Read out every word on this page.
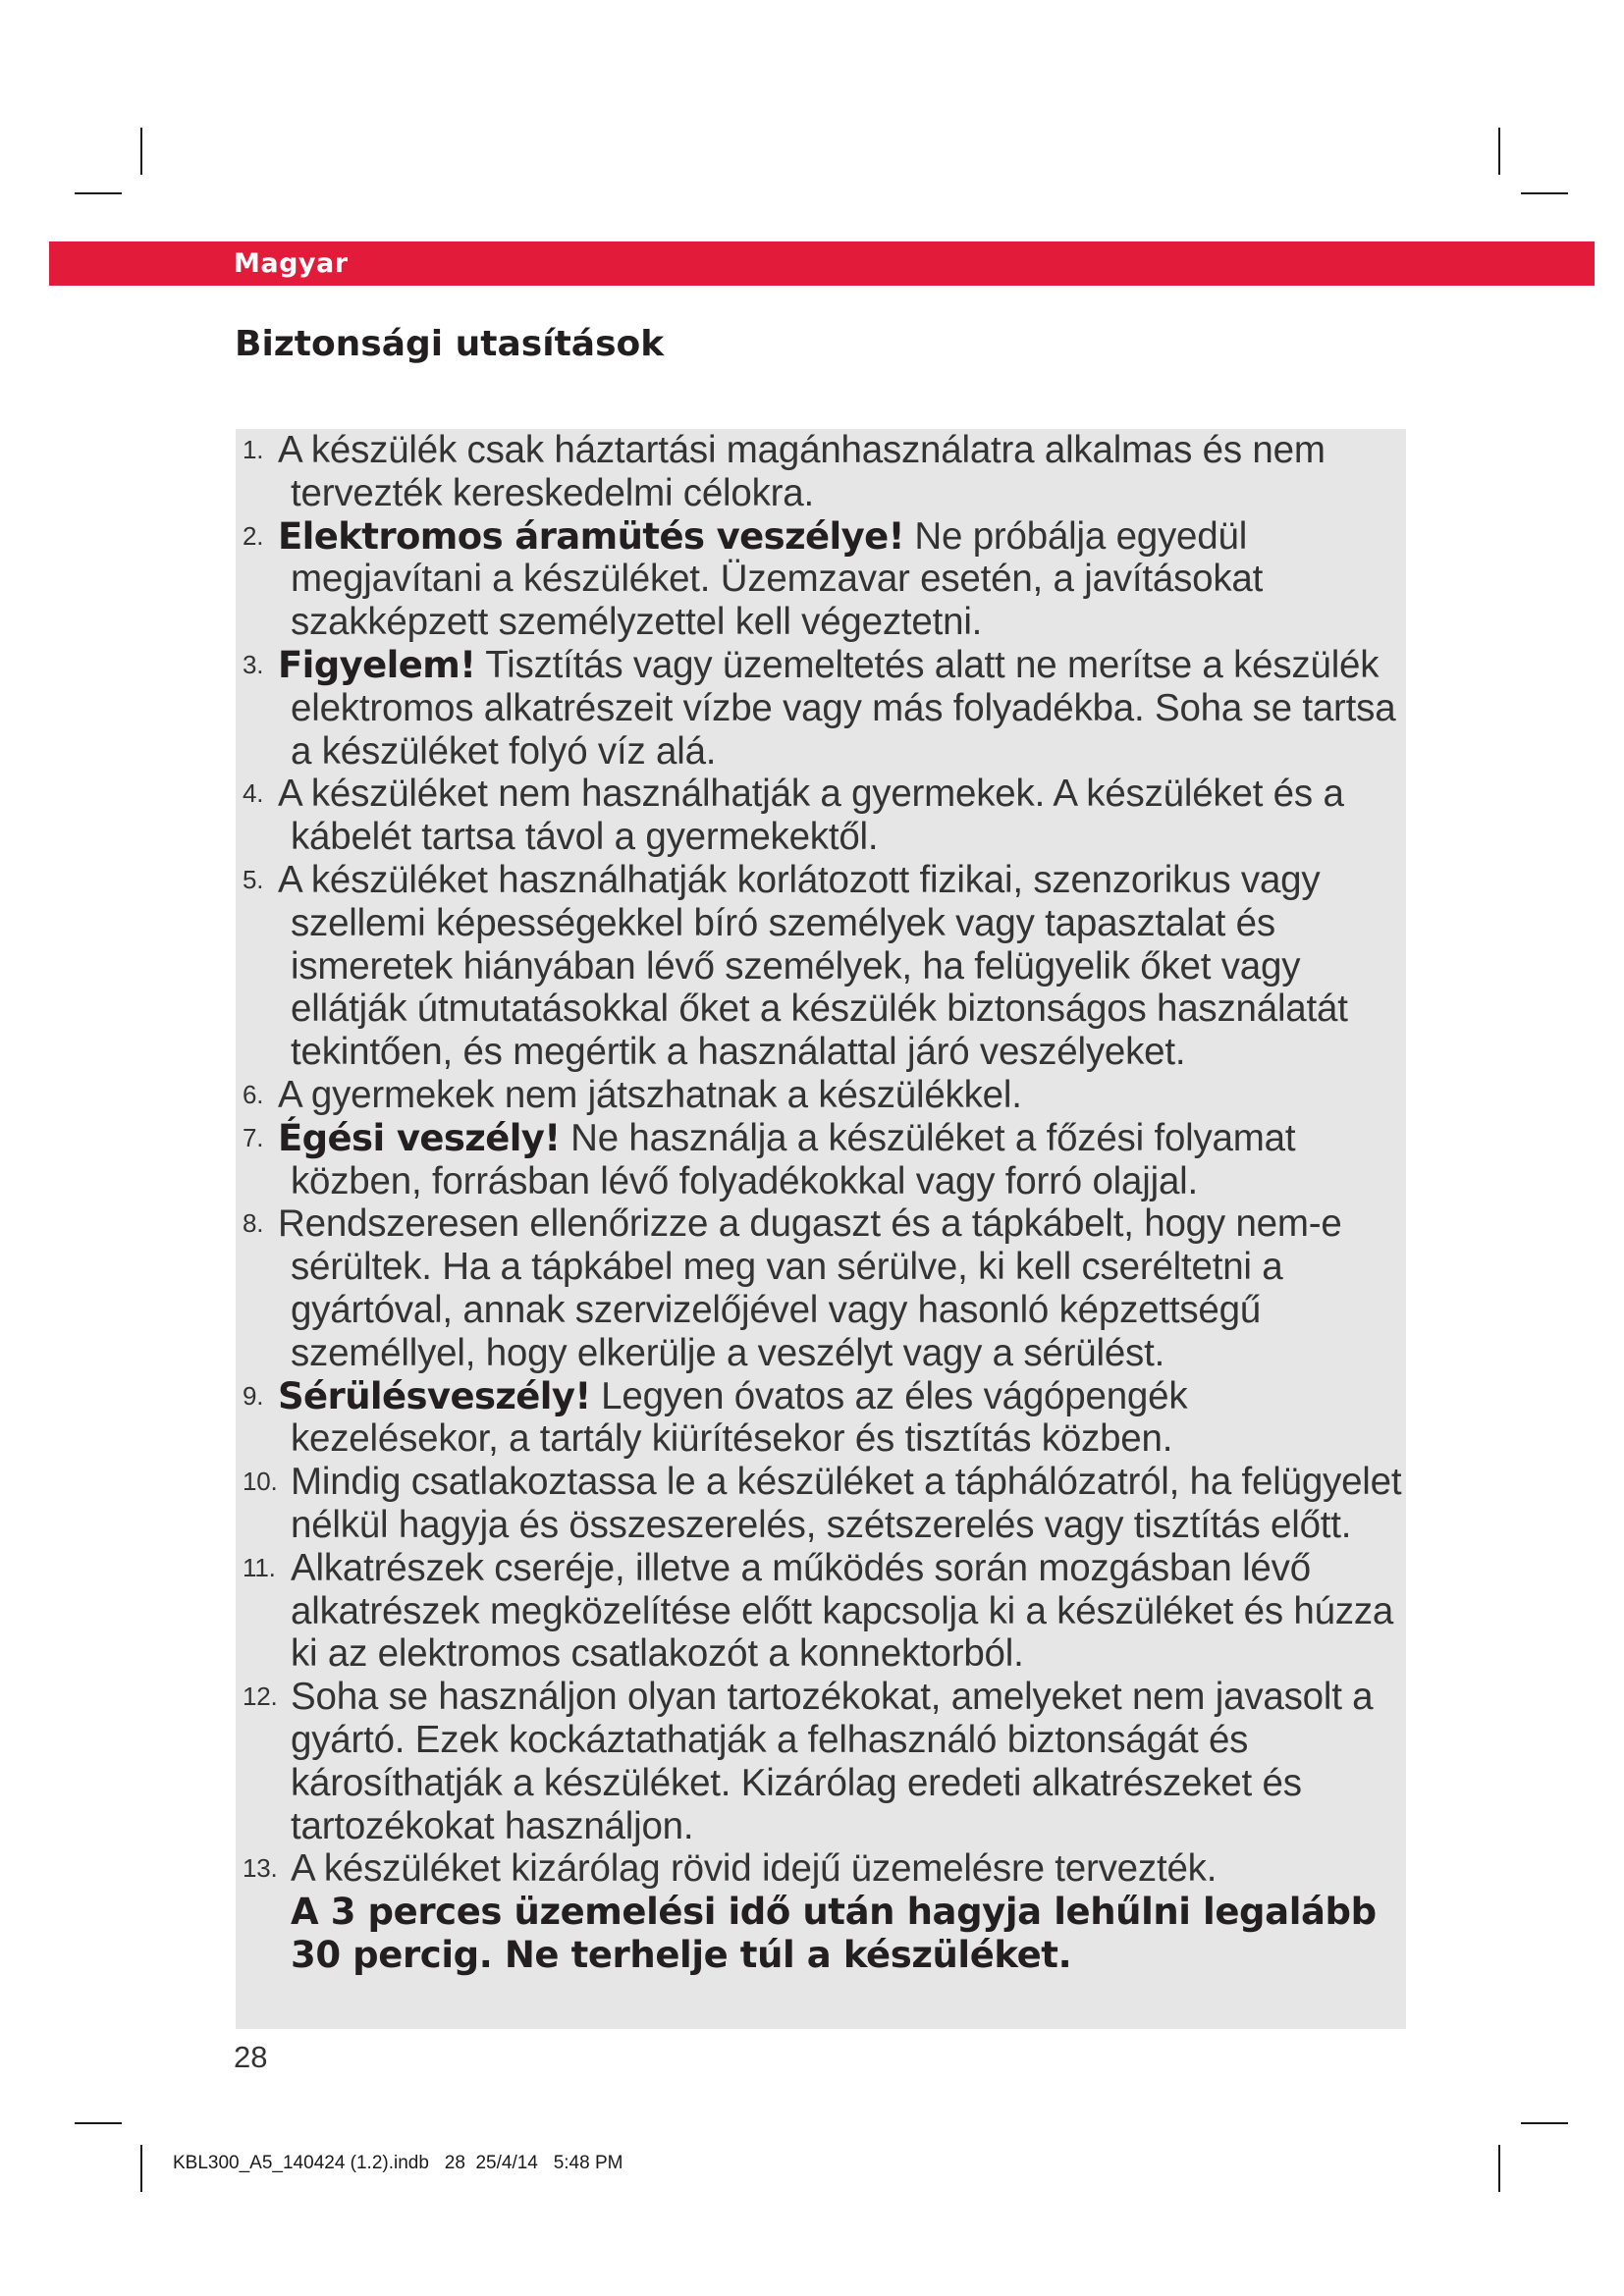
Magyar
Biztonsági utasítások
1. A készülék csak háztartási magánhasználatra alkalmas és nem tervezték kereskedelmi célokra.
2. Elektromos áramütés veszélye! Ne próbálja egyedül megjavítani a készüléket. Üzemzavar esetén, a javításokat szakképzett személyzettel kell végeztetni.
3. Figyelem! Tisztítás vagy üzemeltetés alatt ne merítse a készülék elektromos alkatrészeit vízbe vagy más folyadékba. Soha se tartsa a készüléket folyó víz alá.
4. A készüléket nem használhatják a gyermekek. A készüléket és a kábelét tartsa távol a gyermekektől.
5. A készüléket használhatják korlátozott fizikai, szenzorikus vagy szellemi képességekkel bíró személyek vagy tapasztalat és ismeretek hiányában lévő személyek, ha felügyelik őket vagy ellátják útmutatásokkal őket a készülék biztonságos használatát tekintően, és megértik a használattal járó veszélyeket.
6. A gyermekek nem játszhatnak a készülékkel.
7. Égési veszély! Ne használja a készüléket a főzési folyamat közben, forrásban lévő folyadékokkal vagy forró olajjal.
8. Rendszeresen ellenőrizze a dugaszt és a tápkábelt, hogy nem-e sérültek. Ha a tápkábel meg van sérülve, ki kell cseréltetni a gyártóval, annak szervizelőjével vagy hasonló képzettségű személlyel, hogy elkerülje a veszélyt vagy a sérülést.
9. Sérülésveszély! Legyen óvatos az éles vágópengék kezelésekor, a tartály kiürítésekor és tisztítás közben.
10. Mindig csatlakoztassa le a készüléket a táphálózatról, ha felügyelet nélkül hagyja és összeszerelés, szétszerelés vagy tisztítás előtt.
11. Alkatrészek cseréje, illetve a működés során mozgásban lévő alkatrészek megközelítése előtt kapcsolja ki a készüléket és húzza ki az elektromos csatlakozót a konnektorból.
12. Soha se használjon olyan tartozékokat, amelyeket nem javasolt a gyártó. Ezek kockáztathatják a felhasználó biztonságát és károsíthatják a készüléket. Kizárólag eredeti alkatrészeket és tartozékokat használjon.
13. A készüléket kizárólag rövid idejű üzemelésre tervezték.
A 3 perces üzemelési idő után hagyja lehűlni legalább 30 percig. Ne terhelje túl a készüléket.
28
KBL300_A5_140424 (1.2).indb   28  25/4/14   5:48 PM
